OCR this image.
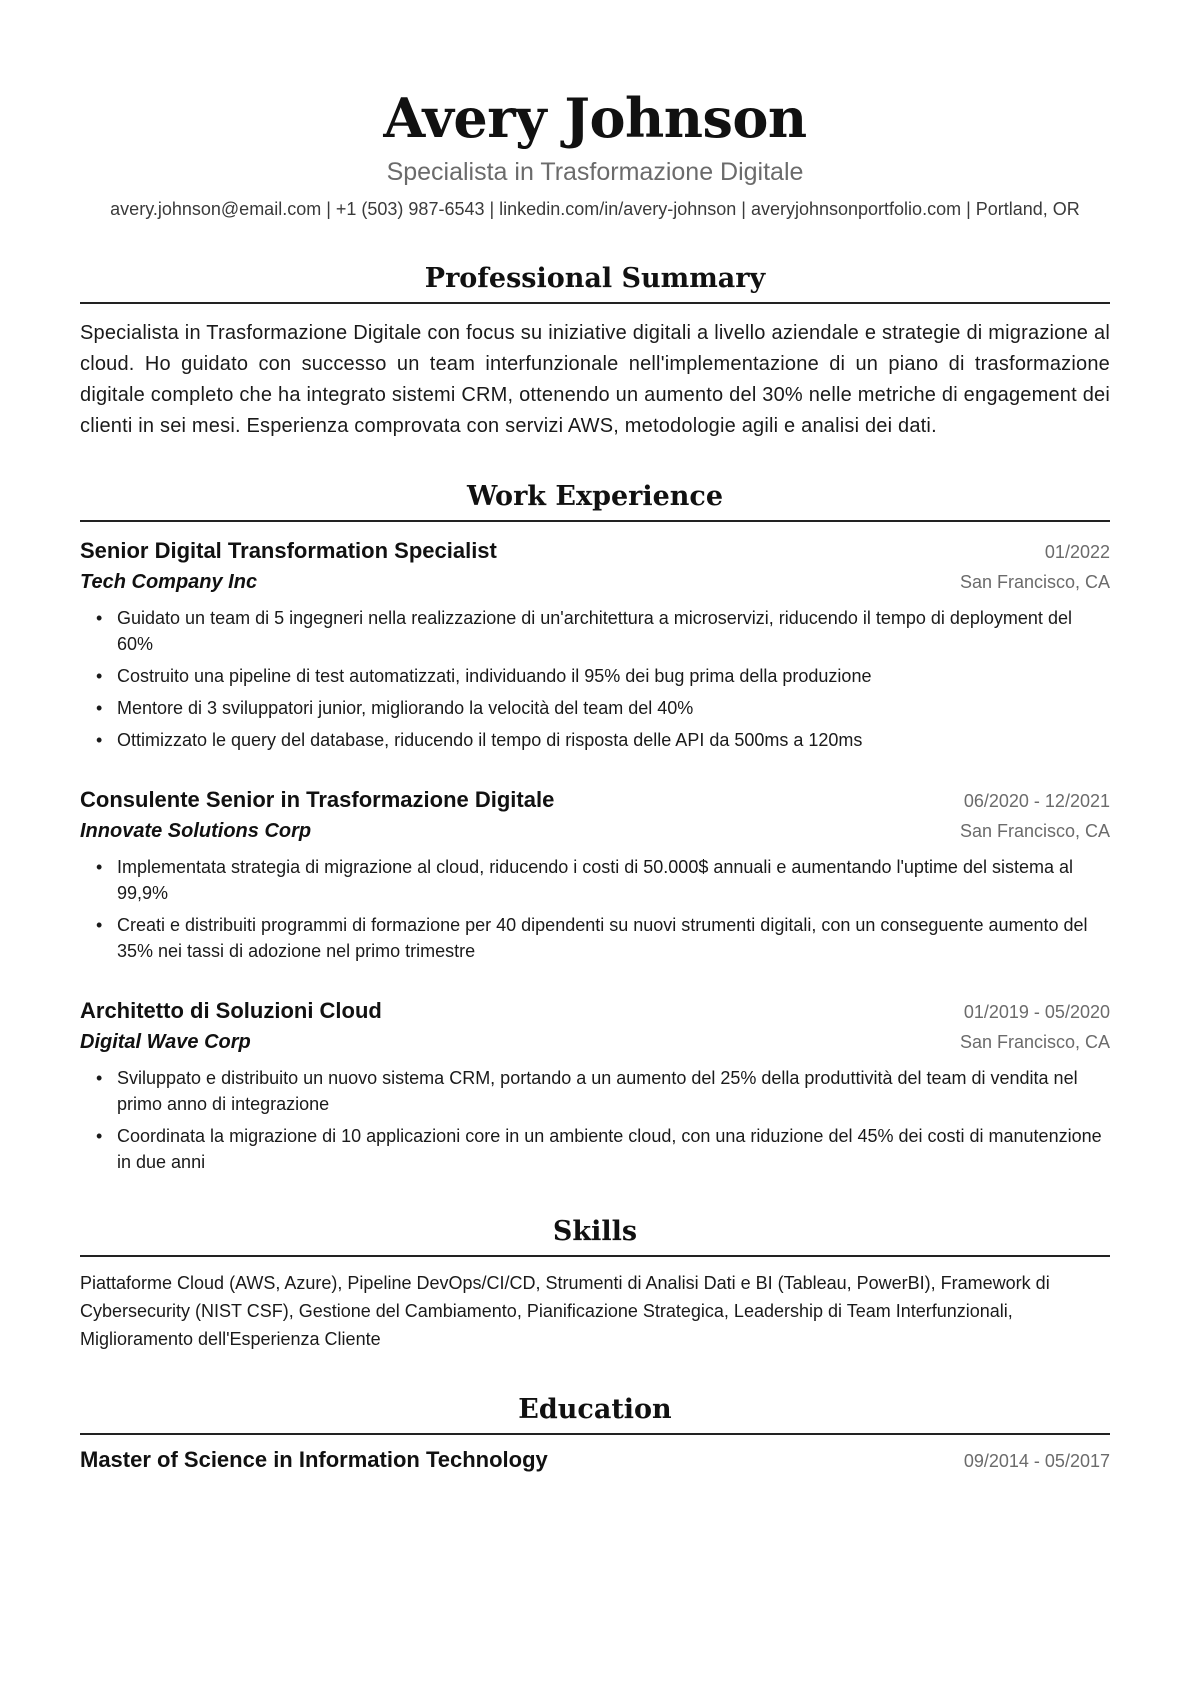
Avery Johnson
Specialista in Trasformazione Digitale
avery.johnson@email.com | +1 (503) 987-6543 | linkedin.com/in/avery-johnson | averyjohnsonportfolio.com | Portland, OR
Professional Summary

Specialista in Trasformazione Digitale con focus su iniziative digitali a livello aziendale e strategie di migrazione al cloud. Ho guidato con successo un team interfunzionale nell'implementazione di un piano di trasformazione digitale completo che ha integrato sistemi CRM, ottenendo un aumento del 30% nelle metriche di engagement dei clienti in sei mesi. Esperienza comprovata con servizi AWS, metodologie agili e analisi dei dati.

Work Experience
Senior Digital Transformation Specialist	01/2022
Tech Company Inc	San Francisco, CA
• Guidato un team di 5 ingegneri nella realizzazione di un'architettura a microservizi, riducendo il tempo di deployment del 60%
• Costruito una pipeline di test automatizzati, individuando il 95% dei bug prima della produzione
• Mentore di 3 sviluppatori junior, migliorando la velocità del team del 40%
• Ottimizzato le query del database, riducendo il tempo di risposta delle API da 500ms a 120ms
Consulente Senior in Trasformazione Digitale	06/2020 - 12/2021
Innovate Solutions Corp	San Francisco, CA
• Implementata strategia di migrazione al cloud, riducendo i costi di 50.000$ annuali e aumentando l'uptime del sistema al 99,9%
• Creati e distribuiti programmi di formazione per 40 dipendenti su nuovi strumenti digitali, con un conseguente aumento del 35% nei tassi di adozione nel primo trimestre
Architetto di Soluzioni Cloud	01/2019 - 05/2020
Digital Wave Corp	San Francisco, CA
• Sviluppato e distribuito un nuovo sistema CRM, portando a un aumento del 25% della produttività del team di vendita nel primo anno di integrazione
• Coordinata la migrazione di 10 applicazioni core in un ambiente cloud, con una riduzione del 45% dei costi di manutenzione in due anni
Skills

Piattaforme Cloud (AWS, Azure), Pipeline DevOps/CI/CD, Strumenti di Analisi Dati e BI (Tableau, PowerBI), Framework di Cybersecurity (NIST CSF), Gestione del Cambiamento, Pianificazione Strategica, Leadership di Team Interfunzionali, Miglioramento dell'Esperienza Cliente

Education
Master of Science in Information Technology	09/2014 - 05/2017
